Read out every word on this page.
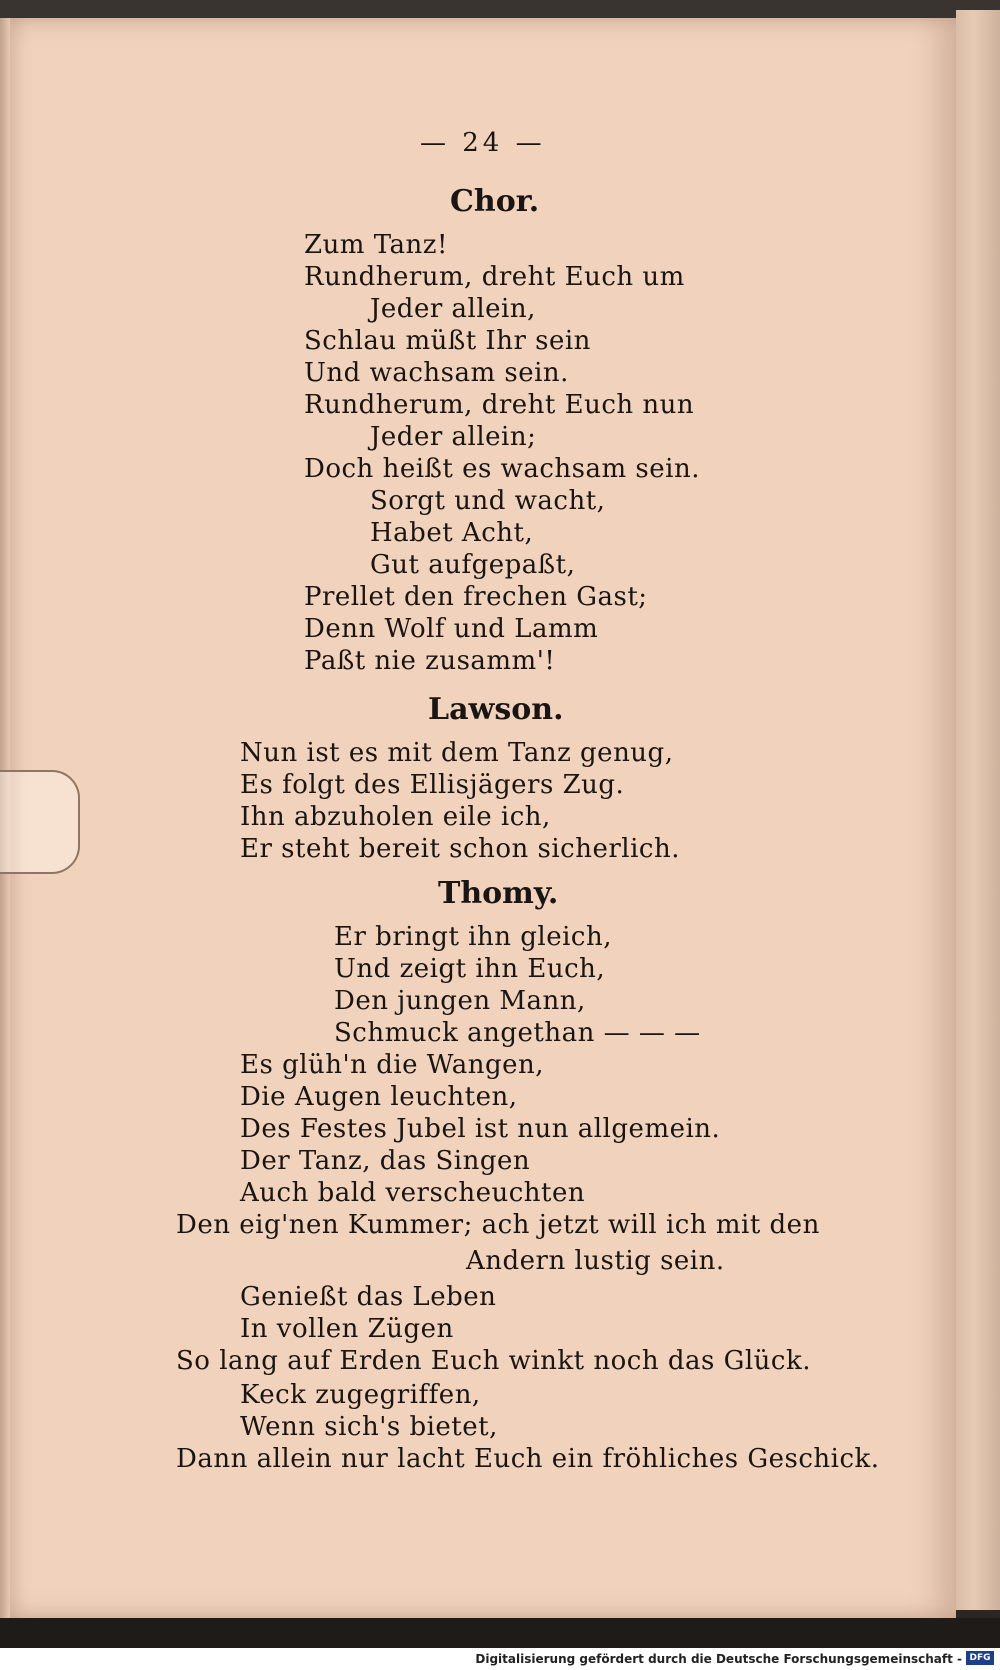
— 24 —
Chor.
Zum Tanz!
Rundherum, dreht Euch um
Jeder allein,
Schlau müßt Ihr sein
Und wachsam sein.
Rundherum, dreht Euch nun
Jeder allein;
Doch heißt es wachsam sein.
Sorgt und wacht,
Habet Acht,
Gut aufgepaßt,
Prellet den frechen Gast;
Denn Wolf und Lamm
Paßt nie zusamm'!
Lawson.
Nun ist es mit dem Tanz genug,
Es folgt des Ellisjägers Zug.
Ihn abzuholen eile ich,
Er steht bereit schon sicherlich.
Thomy.
Er bringt ihn gleich,
Und zeigt ihn Euch,
Den jungen Mann,
Schmuck angethan — — —
Es glüh'n die Wangen,
Die Augen leuchten,
Des Festes Jubel ist nun allgemein.
Der Tanz, das Singen
Auch bald verscheuchten
Den eig'nen Kummer; ach jetzt will ich mit den
Andern lustig sein.
Genießt das Leben
In vollen Zügen
So lang auf Erden Euch winkt noch das Glück.
Keck zugegriffen,
Wenn sich's bietet,
Dann allein nur lacht Euch ein fröhliches Geschick.
Digitalisierung gefördert durch die Deutsche Forschungsgemeinschaft - DFG
